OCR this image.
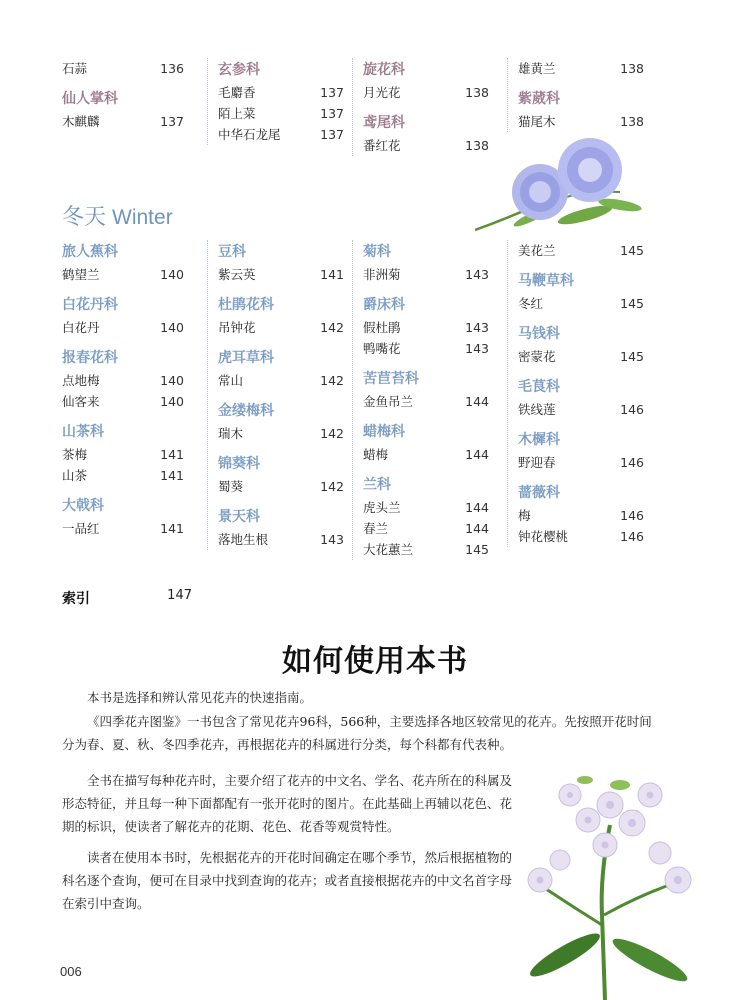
石蒜	136
仙人掌科
木麒麟	137
玄参科
毛麝香	137
陌上菜	137
中华石龙尾	137
旋花科
月光花	138
鸢尾科
番红花	138
雄黄兰	138
紫葳科
猫尾木	138
冬天 Winter
旅人蕉科
鹤望兰	140
白花丹科
白花丹	140
报春花科
点地梅	140
仙客来	140
山茶科
茶梅	141
山茶	141
大戟科
一品红	141
豆科
紫云英	141
杜鹃花科
吊钟花	142
虎耳草科
常山	142
金缕梅科
瑞木	142
锦葵科
蜀葵	142
景天科
落地生根	143
菊科
非洲菊	143
爵床科
假杜鹃	143
鸭嘴花	143
苦苣苔科
金鱼吊兰	144
蜡梅科
蜡梅	144
兰科
虎头兰	144
春兰	144
大花蕙兰	145
美花兰	145
马鞭草科
冬红	145
马钱科
密蒙花	145
毛茛科
铁线莲	146
木樨科
野迎春	146
蔷薇科
梅	146
钟花樱桃	146
索引	147
如何使用本书

本书是选择和辨认常见花卉的快速指南。

《四季花卉图鉴》一书包含了常见花卉96科，566种，主要选择各地区较常见的花卉。先按照开花时间分为春、夏、秋、冬四季花卉，再根据花卉的科属进行分类，每个科都有代表种。

全书在描写每种花卉时，主要介绍了花卉的中文名、学名、花卉所在的科属及形态特征，并且每一种下面都配有一张开花时的图片。在此基础上再辅以花色、花期的标识，使读者了解花卉的花期、花色、花香等观赏特性。

读者在使用本书时，先根据花卉的开花时间确定在哪个季节，然后根据植物的科名逐个查询，便可在目录中找到查询的花卉；或者直接根据花卉的中文名首字母在索引中查询。

006
